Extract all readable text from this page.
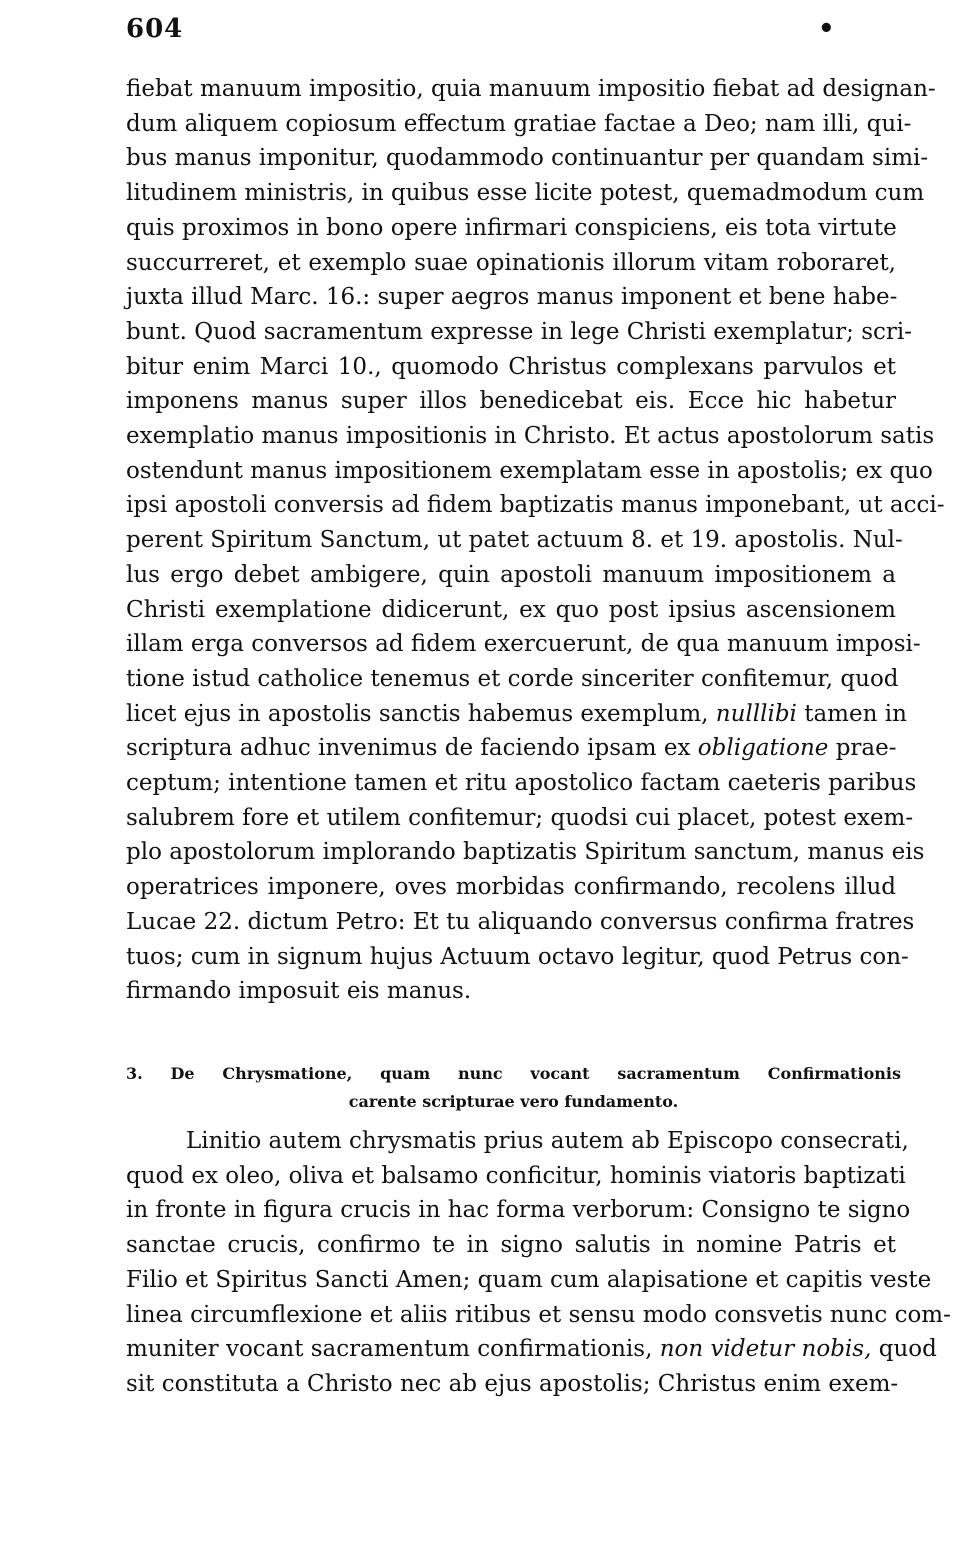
604	•
fiebat manuum impositio, quia manuum impositio fiebat ad designan-
dum aliquem copiosum effectum gratiae factae a Deo; nam illi, qui-
bus manus imponitur, quodammodo continuantur per quandam simi-
litudinem ministris, in quibus esse licite potest, quemadmodum cum
quis proximos in bono opere infirmari conspiciens, eis tota virtute
succurreret, et exemplo suae opinationis illorum vitam roboraret,
juxta illud Marc. 16.: super aegros manus imponent et bene habe-
bunt. Quod sacramentum expresse in lege Christi exemplatur; scri-
bitur enim Marci 10., quomodo Christus complexans parvulos et
imponens manus super illos benedicebat eis. Ecce hic habetur
exemplatio manus impositionis in Christo. Et actus apostolorum satis
ostendunt manus impositionem exemplatam esse in apostolis; ex quo
ipsi apostoli conversis ad fidem baptizatis manus imponebant, ut acci-
perent Spiritum Sanctum, ut patet actuum 8. et 19. apostolis. Nul-
lus ergo debet ambigere, quin apostoli manuum impositionem a
Christi exemplatione didicerunt, ex quo post ipsius ascensionem
illam erga conversos ad fidem exercuerunt, de qua manuum imposi-
tione istud catholice tenemus et corde sinceriter confitemur, quod
licet ejus in apostolis sanctis habemus exemplum, nulllibi tamen in
scriptura adhuc invenimus de faciendo ipsam ex obligatione prae-
ceptum; intentione tamen et ritu apostolico factam caeteris paribus
salubrem fore et utilem confitemur; quodsi cui placet, potest exem-
plo apostolorum implorando baptizatis Spiritum sanctum, manus eis
operatrices imponere, oves morbidas confirmando, recolens illud
Lucae 22. dictum Petro: Et tu aliquando conversus confirma fratres
tuos; cum in signum hujus Actuum octavo legitur, quod Petrus con-
firmando imposuit eis manus.
3. De Chrysmatione, quam nunc vocant sacramentum Confirmationis
carente scripturae vero fundamento.
Linitio autem chrysmatis prius autem ab Episcopo consecrati,
quod ex oleo, oliva et balsamo conficitur, hominis viatoris baptizati
in fronte in figura crucis in hac forma verborum: Consigno te signo
sanctae crucis, confirmo te in signo salutis in nomine Patris et
Filio et Spiritus Sancti Amen; quam cum alapisatione et capitis veste
linea circumflexione et aliis ritibus et sensu modo consvetis nunc com-
muniter vocant sacramentum confirmationis, non videtur nobis, quod
sit constituta a Christo nec ab ejus apostolis; Christus enim exem-
